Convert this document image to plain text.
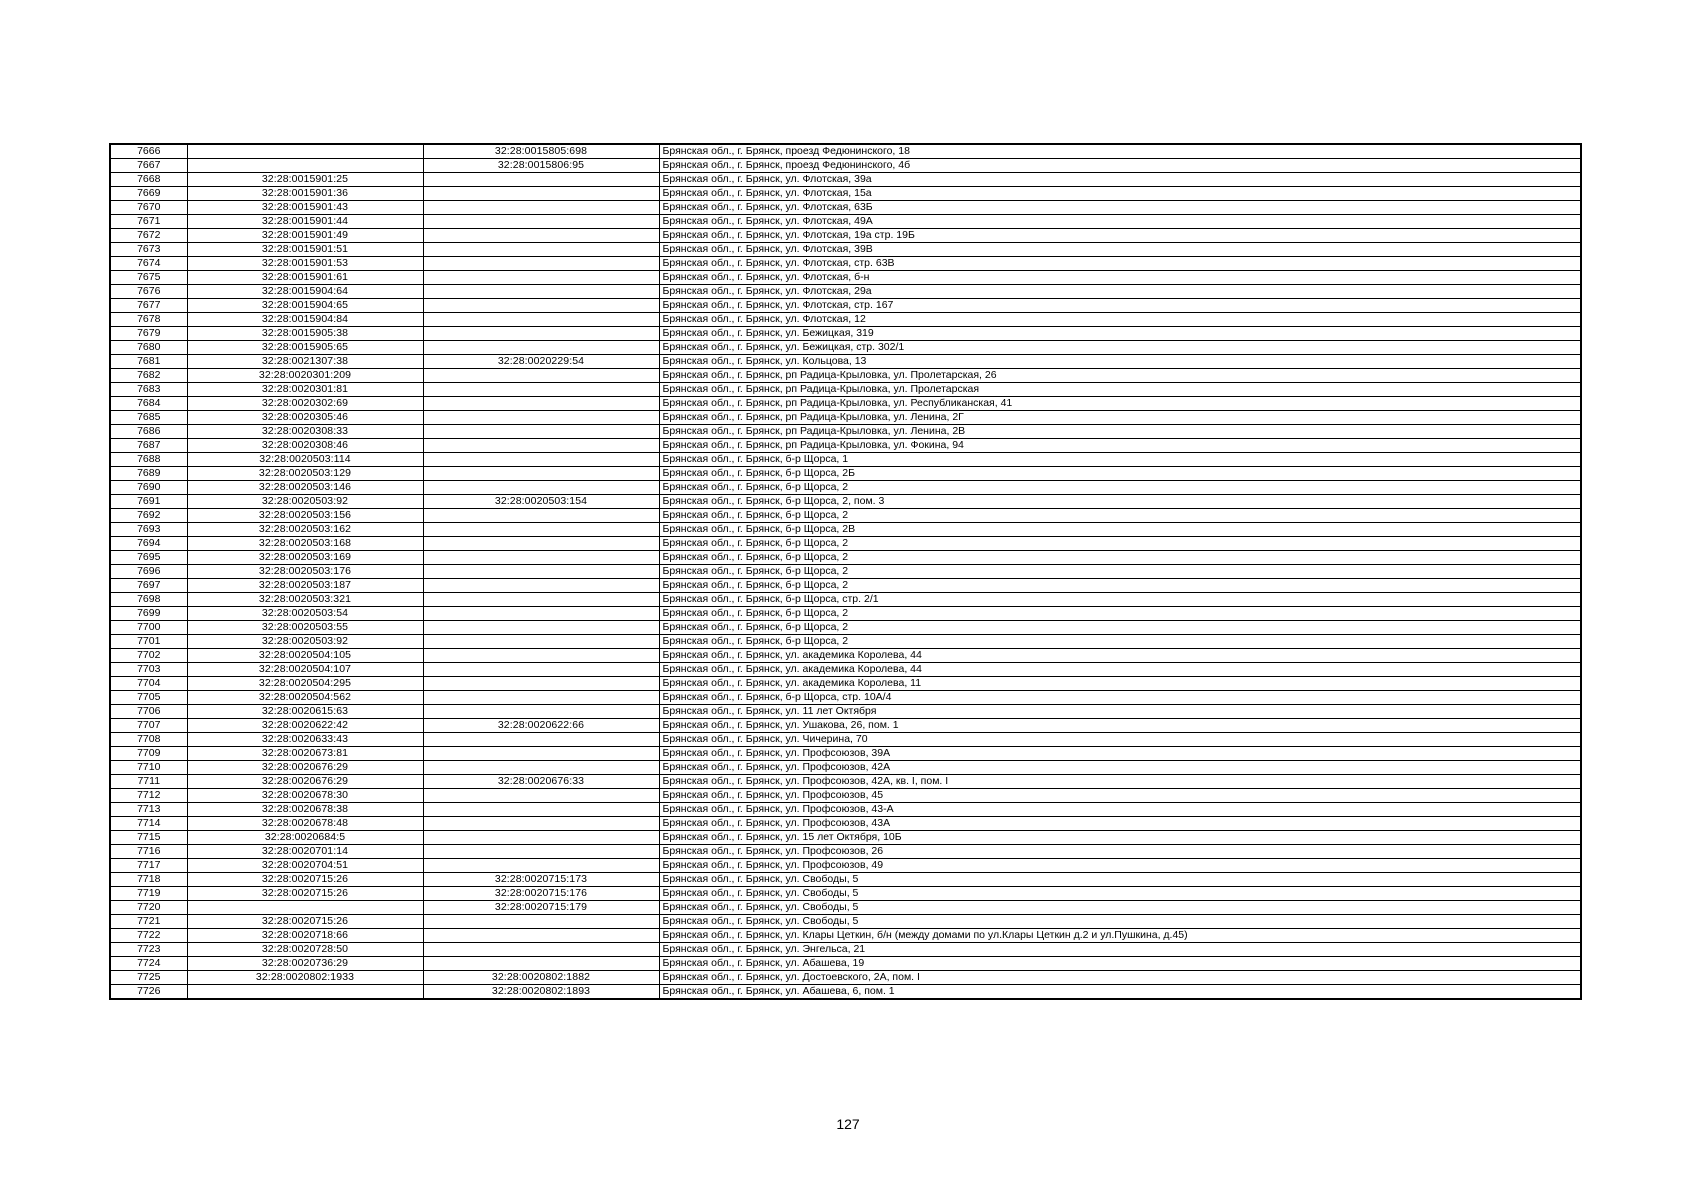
7666		32:28:0015805:698	Брянская обл., г. Брянск, проезд Федюнинского, 18
7667		32:28:0015806:95	Брянская обл., г. Брянск, проезд Федюнинского, 4б
7668	32:28:0015901:25		Брянская обл., г. Брянск, ул. Флотская, 39а
7669	32:28:0015901:36		Брянская обл., г. Брянск, ул. Флотская, 15а
7670	32:28:0015901:43		Брянская обл., г. Брянск, ул. Флотская, 63Б
7671	32:28:0015901:44		Брянская обл., г. Брянск, ул. Флотская, 49А
7672	32:28:0015901:49		Брянская обл., г. Брянск, ул. Флотская, 19а стр. 19Б
7673	32:28:0015901:51		Брянская обл., г. Брянск, ул. Флотская, 39В
7674	32:28:0015901:53		Брянская обл., г. Брянск, ул. Флотская, стр. 63В
7675	32:28:0015901:61		Брянская обл., г. Брянск, ул. Флотская, б-н
7676	32:28:0015904:64		Брянская обл., г. Брянск, ул. Флотская, 29а
7677	32:28:0015904:65		Брянская обл., г. Брянск, ул. Флотская, стр. 167
7678	32:28:0015904:84		Брянская обл., г. Брянск, ул. Флотская, 12
7679	32:28:0015905:38		Брянская обл., г. Брянск, ул. Бежицкая, 319
7680	32:28:0015905:65		Брянская обл., г. Брянск, ул. Бежицкая, стр. 302/1
7681	32:28:0021307:38	32:28:0020229:54	Брянская обл., г. Брянск, ул. Кольцова, 13
7682	32:28:0020301:209		Брянская обл., г. Брянск, рп Радица-Крыловка, ул. Пролетарская, 26
7683	32:28:0020301:81		Брянская обл., г. Брянск, рп Радица-Крыловка, ул. Пролетарская
7684	32:28:0020302:69		Брянская обл., г. Брянск, рп Радица-Крыловка, ул. Республиканская, 41
7685	32:28:0020305:46		Брянская обл., г. Брянск, рп Радица-Крыловка, ул. Ленина, 2Г
7686	32:28:0020308:33		Брянская обл., г. Брянск, рп Радица-Крыловка, ул. Ленина, 2В
7687	32:28:0020308:46		Брянская обл., г. Брянск, рп Радица-Крыловка, ул. Фокина, 94
7688	32:28:0020503:114		Брянская обл., г. Брянск, б-р Щорса, 1
7689	32:28:0020503:129		Брянская обл., г. Брянск, б-р Щорса, 2Б
7690	32:28:0020503:146		Брянская обл., г. Брянск, б-р Щорса, 2
7691	32:28:0020503:92	32:28:0020503:154	Брянская обл., г. Брянск, б-р Щорса, 2, пом. 3
7692	32:28:0020503:156		Брянская обл., г. Брянск, б-р Щорса, 2
7693	32:28:0020503:162		Брянская обл., г. Брянск, б-р Щорса, 2В
7694	32:28:0020503:168		Брянская обл., г. Брянск, б-р Щорса, 2
7695	32:28:0020503:169		Брянская обл., г. Брянск, б-р Щорса, 2
7696	32:28:0020503:176		Брянская обл., г. Брянск, б-р Щорса, 2
7697	32:28:0020503:187		Брянская обл., г. Брянск, б-р Щорса, 2
7698	32:28:0020503:321		Брянская обл., г. Брянск, б-р Щорса, стр. 2/1
7699	32:28:0020503:54		Брянская обл., г. Брянск, б-р Щорса, 2
7700	32:28:0020503:55		Брянская обл., г. Брянск, б-р Щорса, 2
7701	32:28:0020503:92		Брянская обл., г. Брянск, б-р Щорса, 2
7702	32:28:0020504:105		Брянская обл., г. Брянск, ул. академика Королева, 44
7703	32:28:0020504:107		Брянская обл., г. Брянск, ул. академика Королева, 44
7704	32:28:0020504:295		Брянская обл., г. Брянск, ул. академика Королева, 11
7705	32:28:0020504:562		Брянская обл., г. Брянск, б-р Щорса, стр. 10А/4
7706	32:28:0020615:63		Брянская обл., г. Брянск, ул. 11 лет Октября
7707	32:28:0020622:42	32:28:0020622:66	Брянская обл., г. Брянск, ул. Ушакова, 26, пом. 1
7708	32:28:0020633:43		Брянская обл., г. Брянск, ул. Чичерина, 70
7709	32:28:0020673:81		Брянская обл., г. Брянск, ул. Профсоюзов, 39А
7710	32:28:0020676:29		Брянская обл., г. Брянск, ул. Профсоюзов, 42А
7711	32:28:0020676:29	32:28:0020676:33	Брянская обл., г. Брянск, ул. Профсоюзов, 42А, кв. I, пом. I
7712	32:28:0020678:30		Брянская обл., г. Брянск, ул. Профсоюзов, 45
7713	32:28:0020678:38		Брянская обл., г. Брянск, ул. Профсоюзов, 43-А
7714	32:28:0020678:48		Брянская обл., г. Брянск, ул. Профсоюзов, 43А
7715	32:28:0020684:5		Брянская обл., г. Брянск, ул. 15 лет Октября, 10Б
7716	32:28:0020701:14		Брянская обл., г. Брянск, ул. Профсоюзов, 26
7717	32:28:0020704:51		Брянская обл., г. Брянск, ул. Профсоюзов, 49
7718	32:28:0020715:26	32:28:0020715:173	Брянская обл., г. Брянск, ул. Свободы, 5
7719	32:28:0020715:26	32:28:0020715:176	Брянская обл., г. Брянск, ул. Свободы, 5
7720		32:28:0020715:179	Брянская обл., г. Брянск, ул. Свободы, 5
7721	32:28:0020715:26		Брянская обл., г. Брянск, ул. Свободы, 5
7722	32:28:0020718:66		Брянская обл., г. Брянск, ул. Клары Цеткин, б/н (между домами по ул.Клары Цеткин д.2 и ул.Пушкина, д.45)
7723	32:28:0020728:50		Брянская обл., г. Брянск, ул. Энгельса, 21
7724	32:28:0020736:29		Брянская обл., г. Брянск, ул. Абашева, 19
7725	32:28:0020802:1933	32:28:0020802:1882	Брянская обл., г. Брянск, ул. Достоевского, 2А, пом. I
7726		32:28:0020802:1893	Брянская обл., г. Брянск, ул. Абашева, 6, пом. 1
127
